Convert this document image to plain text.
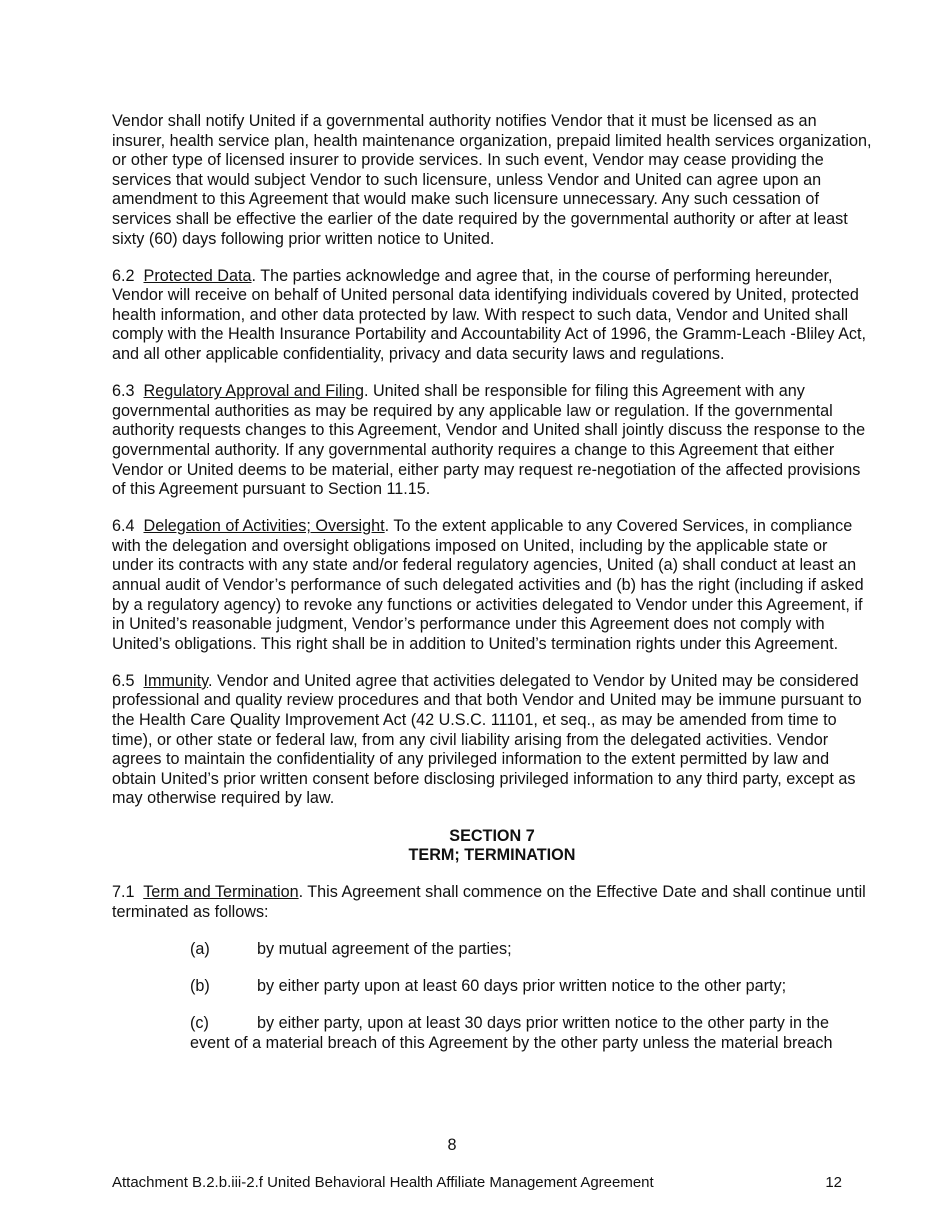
Vendor shall notify United if a governmental authority notifies Vendor that it must be licensed as an insurer, health service plan, health maintenance organization, prepaid limited health services organization, or other type of licensed insurer to provide services. In such event, Vendor may cease providing the services that would subject Vendor to such licensure, unless Vendor and United can agree upon an amendment to this Agreement that would make such licensure unnecessary. Any such cessation of services shall be effective the earlier of the date required by the governmental authority or after at least sixty (60) days following prior written notice to United.

6.2 Protected Data. The parties acknowledge and agree that, in the course of performing hereunder, Vendor will receive on behalf of United personal data identifying individuals covered by United, protected health information, and other data protected by law. With respect to such data, Vendor and United shall comply with the Health Insurance Portability and Accountability Act of 1996, the Gramm-Leach -Bliley Act, and all other applicable confidentiality, privacy and data security laws and regulations.

6.3 Regulatory Approval and Filing. United shall be responsible for filing this Agreement with any governmental authorities as may be required by any applicable law or regulation. If the governmental authority requests changes to this Agreement, Vendor and United shall jointly discuss the response to the governmental authority. If any governmental authority requires a change to this Agreement that either Vendor or United deems to be material, either party may request re-negotiation of the affected provisions of this Agreement pursuant to Section 11.15.

6.4 Delegation of Activities; Oversight. To the extent applicable to any Covered Services, in compliance with the delegation and oversight obligations imposed on United, including by the applicable state or under its contracts with any state and/or federal regulatory agencies, United (a) shall conduct at least an annual audit of Vendor’s performance of such delegated activities and (b) has the right (including if asked by a regulatory agency) to revoke any functions or activities delegated to Vendor under this Agreement, if in United’s reasonable judgment, Vendor’s performance under this Agreement does not comply with United’s obligations. This right shall be in addition to United’s termination rights under this Agreement.

6.5 Immunity. Vendor and United agree that activities delegated to Vendor by United may be considered professional and quality review procedures and that both Vendor and United may be immune pursuant to the Health Care Quality Improvement Act (42 U.S.C. 11101, et seq., as may be amended from time to time), or other state or federal law, from any civil liability arising from the delegated activities. Vendor agrees to maintain the confidentiality of any privileged information to the extent permitted by law and obtain United’s prior written consent before disclosing privileged information to any third party, except as may otherwise required by law.

SECTION 7
TERM; TERMINATION

7.1 Term and Termination. This Agreement shall commence on the Effective Date and shall continue until terminated as follows:

(a)	by mutual agreement of the parties;
(b)	by either party upon at least 60 days prior written notice to the other party;
(c)	by either party, upon at least 30 days prior written notice to the other party in the event of a material breach of this Agreement by the other party unless the material breach
8
Attachment B.2.b.iii-2.f United Behavioral Health Affiliate Management Agreement	12
